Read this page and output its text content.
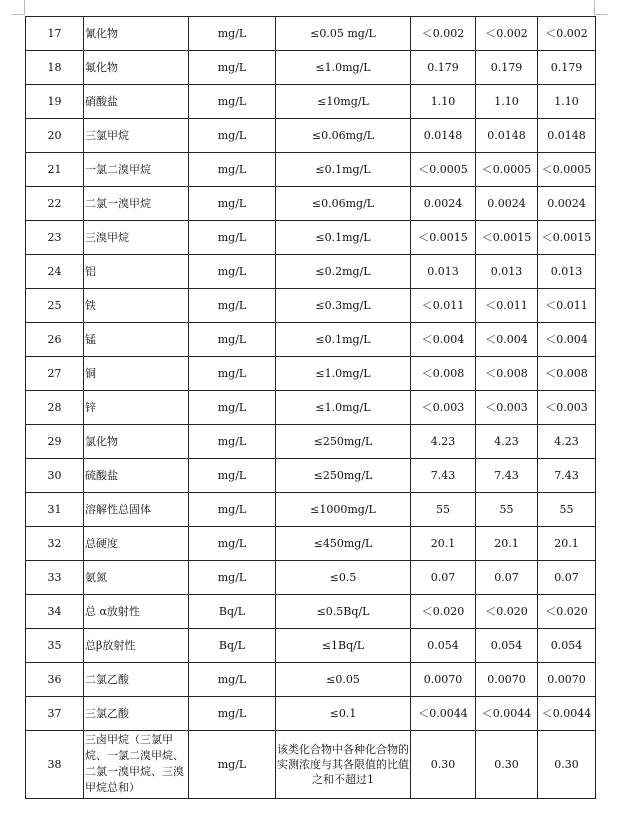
17	氰化物	mg/L	≤0.05 mg/L	＜0.002	＜0.002	＜0.002
18	氟化物	mg/L	≤1.0mg/L	0.179	0.179	0.179
19	硝酸盐	mg/L	≤10mg/L	1.10	1.10	1.10
20	三氯甲烷	mg/L	≤0.06mg/L	0.0148	0.0148	0.0148
21	一氯二溴甲烷	mg/L	≤0.1mg/L	＜0.0005	＜0.0005	＜0.0005
22	二氯一溴甲烷	mg/L	≤0.06mg/L	0.0024	0.0024	0.0024
23	三溴甲烷	mg/L	≤0.1mg/L	＜0.0015	＜0.0015	＜0.0015
24	铝	mg/L	≤0.2mg/L	0.013	0.013	0.013
25	铁	mg/L	≤0.3mg/L	＜0.011	＜0.011	＜0.011
26	锰	mg/L	≤0.1mg/L	＜0.004	＜0.004	＜0.004
27	铜	mg/L	≤1.0mg/L	＜0.008	＜0.008	＜0.008
28	锌	mg/L	≤1.0mg/L	＜0.003	＜0.003	＜0.003
29	氯化物	mg/L	≤250mg/L	4.23	4.23	4.23
30	硫酸盐	mg/L	≤250mg/L	7.43	7.43	7.43
31	溶解性总固体	mg/L	≤1000mg/L	55	55	55
32	总硬度	mg/L	≤450mg/L	20.1	20.1	20.1
33	氨氮	mg/L	≤0.5	0.07	0.07	0.07
34	总 α放射性	Bq/L	≤0.5Bq/L	＜0.020	＜0.020	＜0.020
35	总β放射性	Bq/L	≤1Bq/L	0.054	0.054	0.054
36	二氯乙酸	mg/L	≤0.05	0.0070	0.0070	0.0070
37	三氯乙酸	mg/L	≤0.1	＜0.0044	＜0.0044	＜0.0044
38	三卤甲烷（三氯甲烷、一氯二溴甲烷、二氯一溴甲烷、三溴甲烷总和）	mg/L	该类化合物中各种化合物的实测浓度与其各限值的比值之和不超过1	0.30	0.30	0.30
